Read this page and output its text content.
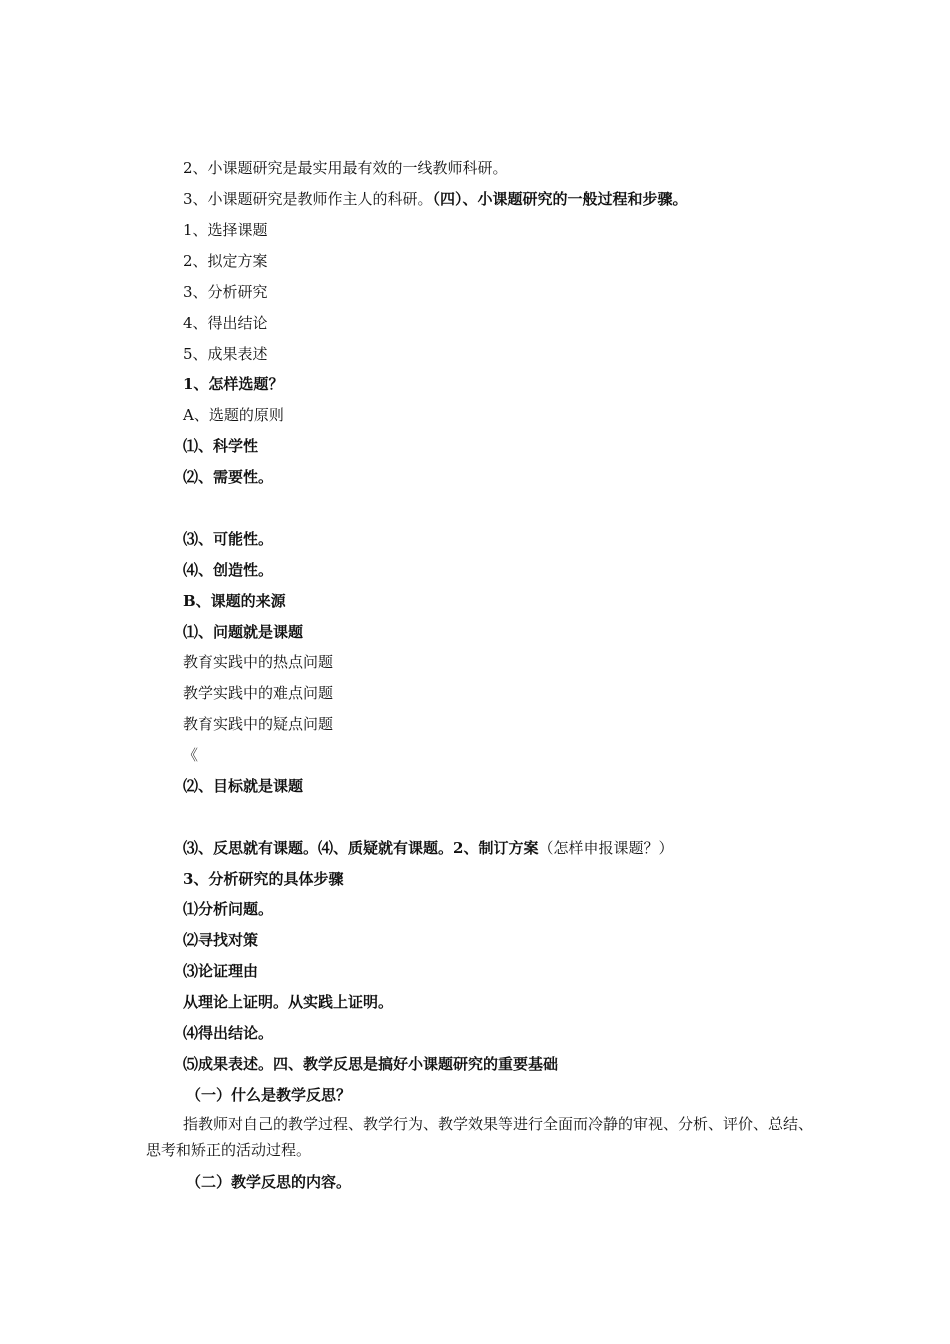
2、小课题研究是最实用最有效的一线教师科研。
3、小课题研究是教师作主人的科研。（四）、小课题研究的一般过程和步骤。
1、选择课题
2、拟定方案
3、分析研究
4、得出结论
5、成果表述
1、怎样选题？
A、选题的原则
⑴、科学性
⑵、需要性。
⑶、可能性。
⑷、创造性。
B、课题的来源
⑴、问题就是课题
教育实践中的热点问题
教学实践中的难点问题
教育实践中的疑点问题
《
⑵、目标就是课题
⑶、反思就有课题。⑷、质疑就有课题。2、制订方案（怎样申报课题？）
3、分析研究的具体步骤
⑴分析问题。
⑵寻找对策
⑶论证理由
从理论上证明。从实践上证明。
⑷得出结论。
⑸成果表述。四、教学反思是搞好小课题研究的重要基础
（一）什么是教学反思？
指教师对自己的教学过程、教学行为、教学效果等进行全面而冷静的审视、分析、评价、总结、思考和矫正的活动过程。
（二）教学反思的内容。
